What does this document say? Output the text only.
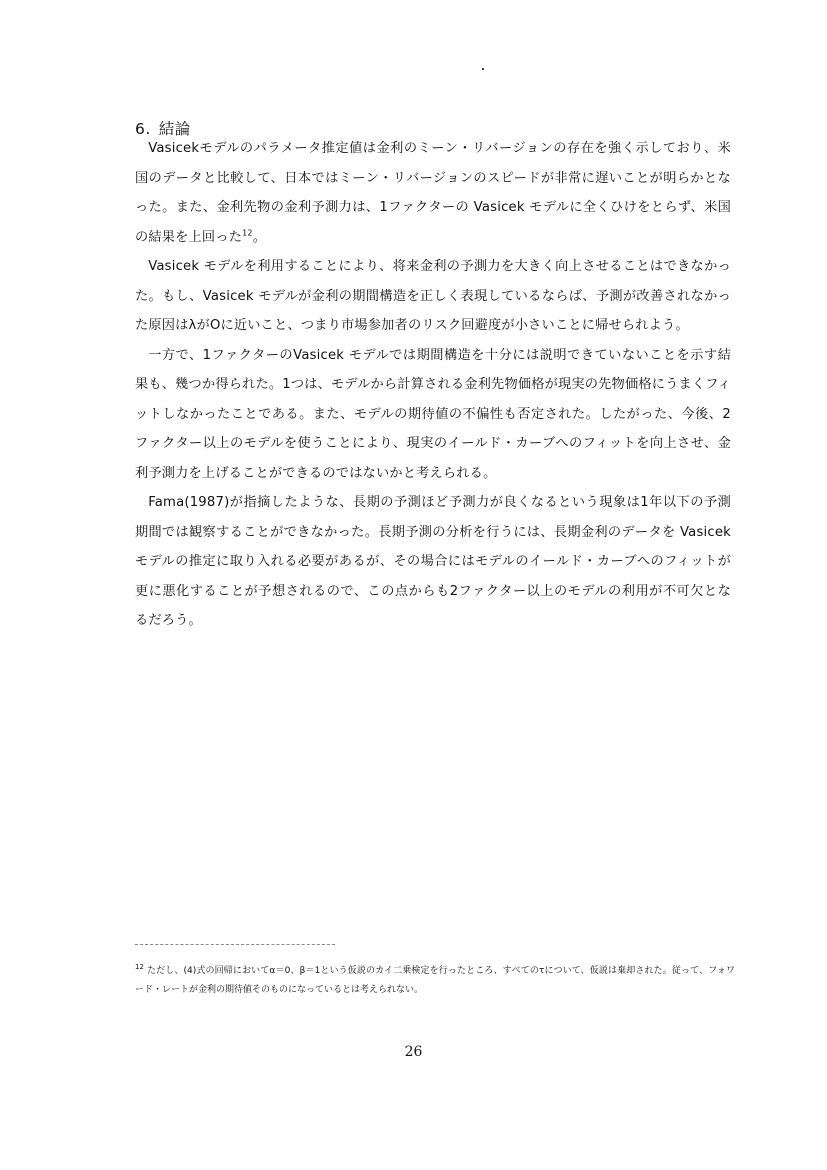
6. 結論

Vasicekモデルのパラメータ推定値は金利のミーン・リバージョンの存在を強く示しており、米国のデータと比較して、日本ではミーン・リバージョンのスピードが非常に遅いことが明らかとなった。また、金利先物の金利予測力は、1ファクターの Vasicek モデルに全くひけをとらず、米国の結果を上回った$^{12}$。

Vasicek モデルを利用することにより、将来金利の予測力を大きく向上させることはできなかった。もし、Vasicek モデルが金利の期間構造を正しく表現しているならば、予測が改善されなかった原因はλがOに近いこと、つまり市場参加者のリスク回避度が小さいことに帰せられよう。

一方で、1ファクターのVasicek モデルでは期間構造を十分には説明できていないことを示す結果も、幾つか得られた。1つは、モデルから計算される金利先物価格が現実の先物価格にうまくフィットしなかったことである。また、モデルの期待値の不偏性も否定された。したがった、今後、2ファクター以上のモデルを使うことにより、現実のイールド・カーブへのフィットを向上させ、金利予測力を上げることができるのではないかと考えられる。

Fama(1987)が指摘したような、長期の予測ほど予測力が良くなるという現象は1年以下の予測期間では観察することができなかった。長期予測の分析を行うには、長期金利のデータを Vasicek モデルの推定に取り入れる必要があるが、その場合にはモデルのイールド・カーブへのフィットが更に悪化することが予想されるので、この点からも2ファクター以上のモデルの利用が不可欠となるだろう。

$^{12}$ ただし、(4)式の回帰においてα＝0、β＝1という仮説のカイ二乗検定を行ったところ、すべてのτについて、仮説は棄却された。従って、フォワード・レートが金利の期待値そのものになっているとは考えられない。
26
